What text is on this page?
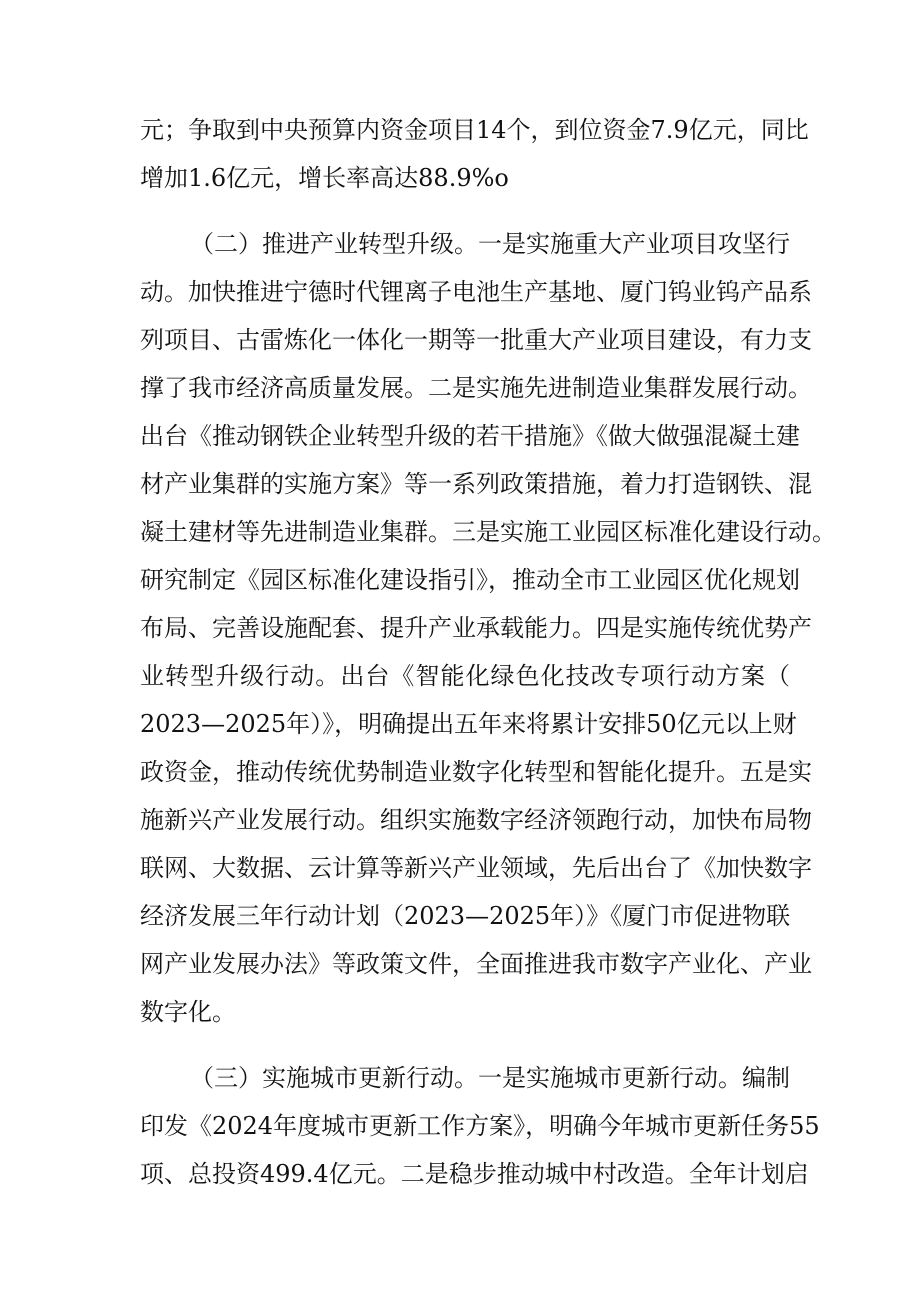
元；争取到中央预算内资金项目14个，到位资金7.9亿元，同比
增加1.6亿元，增长率高达88.9%o
（二）推进产业转型升级。一是实施重大产业项目攻坚行
动。加快推进宁德时代锂离子电池生产基地、厦门钨业钨产品系
列项目、古雷炼化一体化一期等一批重大产业项目建设，有力支
撑了我市经济高质量发展。二是实施先进制造业集群发展行动。
出台《推动钢铁企业转型升级的若干措施》《做大做强混凝土建
材产业集群的实施方案》等一系列政策措施，着力打造钢铁、混
凝土建材等先进制造业集群。三是实施工业园区标准化建设行动。
研究制定《园区标准化建设指引》，推动全市工业园区优化规划
布局、完善设施配套、提升产业承载能力。四是实施传统优势产
业转型升级行动。出台《智能化绿色化技改专项行动方案（
2023—2025年）》，明确提出五年来将累计安排50亿元以上财
政资金，推动传统优势制造业数字化转型和智能化提升。五是实
施新兴产业发展行动。组织实施数字经济领跑行动，加快布局物
联网、大数据、云计算等新兴产业领域，先后出台了《加快数字
经济发展三年行动计划（2023—2025年）》《厦门市促进物联
网产业发展办法》等政策文件，全面推进我市数字产业化、产业
数字化。
（三）实施城市更新行动。一是实施城市更新行动。编制
印发《2024年度城市更新工作方案》，明确今年城市更新任务55
项、总投资499.4亿元。二是稳步推动城中村改造。全年计划启
